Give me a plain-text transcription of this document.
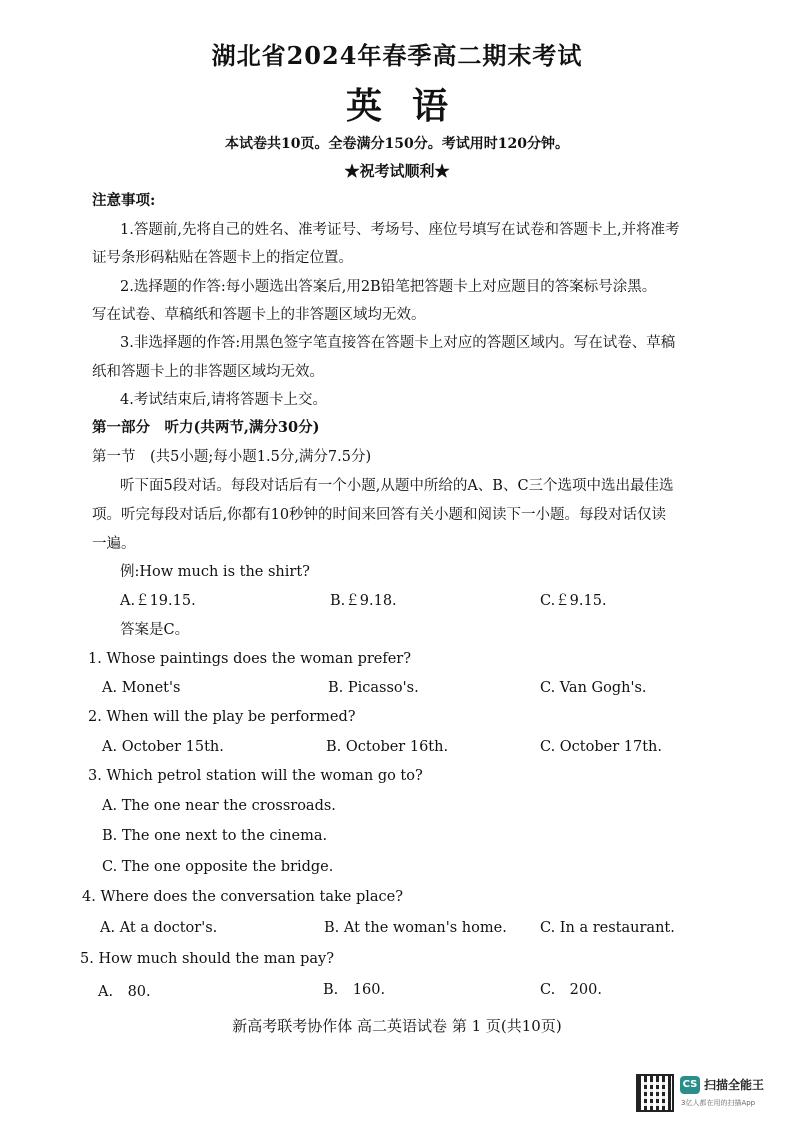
湖北省2024年春季高二期末考试
英语
本试卷共10页。全卷满分150分。考试用时120分钟。
★祝考试顺利★
注意事项:
1.答题前,先将自己的姓名、准考证号、考场号、座位号填写在试卷和答题卡上,并将准考
证号条形码粘贴在答题卡上的指定位置。
2.选择题的作答:每小题选出答案后,用2B铅笔把答题卡上对应题目的答案标号涂黑。
写在试卷、草稿纸和答题卡上的非答题区域均无效。
3.非选择题的作答:用黑色签字笔直接答在答题卡上对应的答题区域内。写在试卷、草稿
纸和答题卡上的非答题区域均无效。
4.考试结束后,请将答题卡上交。
第一部分　听力(共两节,满分30分)
第一节　(共5小题;每小题1.5分,满分7.5分)
听下面5段对话。每段对话后有一个小题,从题中所给的A、B、C三个选项中选出最佳选
项。听完每段对话后,你都有10秒钟的时间来回答有关小题和阅读下一小题。每段对话仅读
一遍。
例:How much is the shirt?
A.￡19.15.	B.￡9.18.	C.￡9.15.
答案是C。
1. Whose paintings does the woman prefer?
A. Monet's	B. Picasso's.	C. Van Gogh's.
2. When will the play be performed?
A. October 15th.	B. October 16th.	C. October 17th.
3. Which petrol station will the woman go to?
A. The one near the crossroads.
B. The one next to the cinema.
C. The one opposite the bridge.
4. Where does the conversation take place?
A. At a doctor's.	B. At the woman's home. C. In a restaurant.
5. How much should the man pay?
A.　80.	B.　160.	C.　200.
新高考联考协作体 高二英语试卷 第 1 页(共10页)
CS 扫描全能王
3亿人都在用的扫描App
